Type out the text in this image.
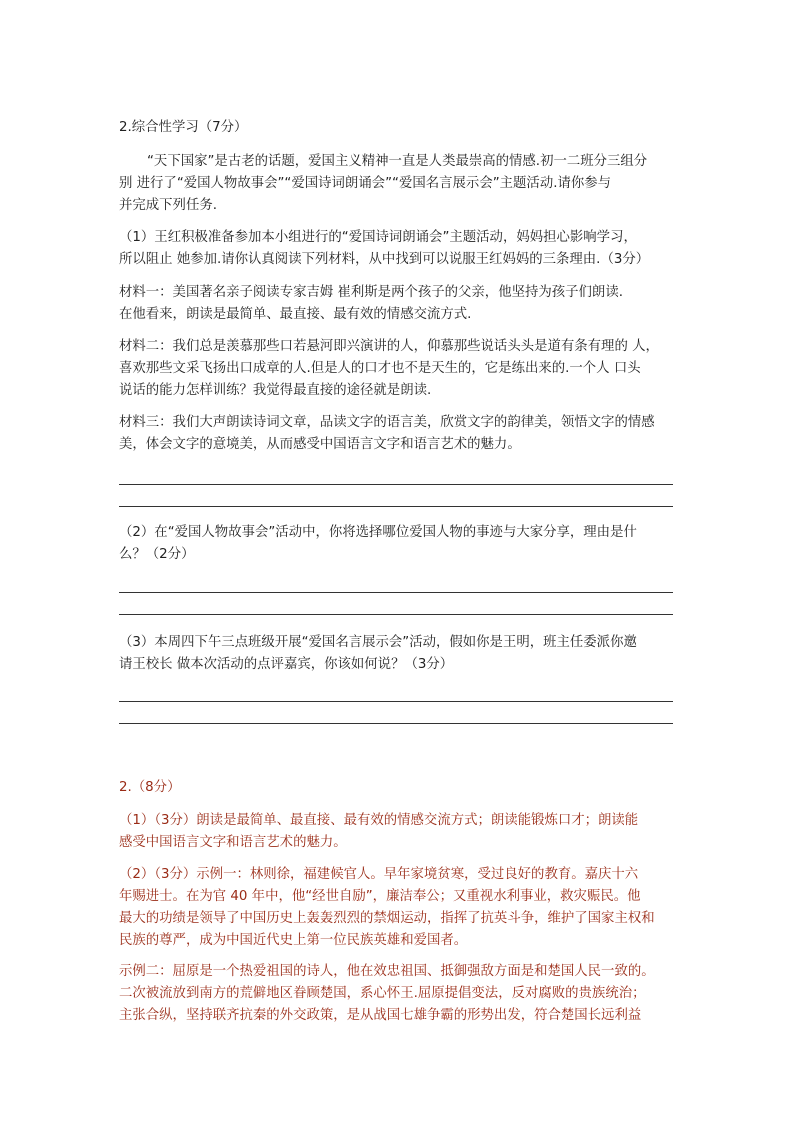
2.综合性学习（7分）

“天下国家”是古老的话题，爱国主义精神一直是人类最崇高的情感.初一二班分三组分
别 进行了“爱国人物故事会”“爱国诗词朗诵会”“爱国名言展示会”主题活动.请你参与
并完成下列任务.

（1）王红积极准备参加本小组进行的“爱国诗词朗诵会”主题活动，妈妈担心影响学习，
所以阻止 她参加.请你认真阅读下列材料，从中找到可以说服王红妈妈的三条理由.（3分）

材料一：美国著名亲子阅读专家吉姆 崔利斯是两个孩子的父亲，他坚持为孩子们朗读.
在他看来，朗读是最简单、最直接、最有效的情感交流方式.

材料二：我们总是羡慕那些口若悬河即兴演讲的人，仰慕那些说话头头是道有条有理的 人，
喜欢那些文采飞扬出口成章的人.但是人的口才也不是天生的，它是练出来的.一个人 口头
说话的能力怎样训练？我觉得最直接的途径就是朗读.

材料三：我们大声朗读诗词文章，品读文字的语言美，欣赏文字的韵律美，领悟文字的情感
美，体会文字的意境美，从而感受中国语言文字和语言艺术的魅力。

（2）在“爱国人物故事会”活动中，你将选择哪位爱国人物的事迹与大家分享，理由是什
么？（2分）

（3）本周四下午三点班级开展“爱国名言展示会”活动，假如你是王明，班主任委派你邀
请王校长 做本次活动的点评嘉宾，你该如何说？（3分）

2.（8分）

（1）（3分）朗读是最简单、最直接、最有效的情感交流方式；朗读能锻炼口才；朗读能
感受中国语言文字和语言艺术的魅力。

（2）（3分）示例一：林则徐，福建候官人。早年家境贫寒，受过良好的教育。嘉庆十六
年赐进士。在为官 40 年中，他“经世自励”，廉洁奉公；又重视水利事业，救灾赈民。他
最大的功绩是领导了中国历史上轰轰烈烈的禁烟运动，指挥了抗英斗争，维护了国家主权和
民族的尊严，成为中国近代史上第一位民族英雄和爱国者。

示例二：屈原是一个热爱祖国的诗人，他在效忠祖国、抵御强敌方面是和楚国人民一致的。
二次被流放到南方的荒僻地区眷顾楚国，系心怀王.屈原提倡变法，反对腐败的贵族统治；
主张合纵，坚持联齐抗秦的外交政策，是从战国七雄争霸的形势出发，符合楚国长远利益
